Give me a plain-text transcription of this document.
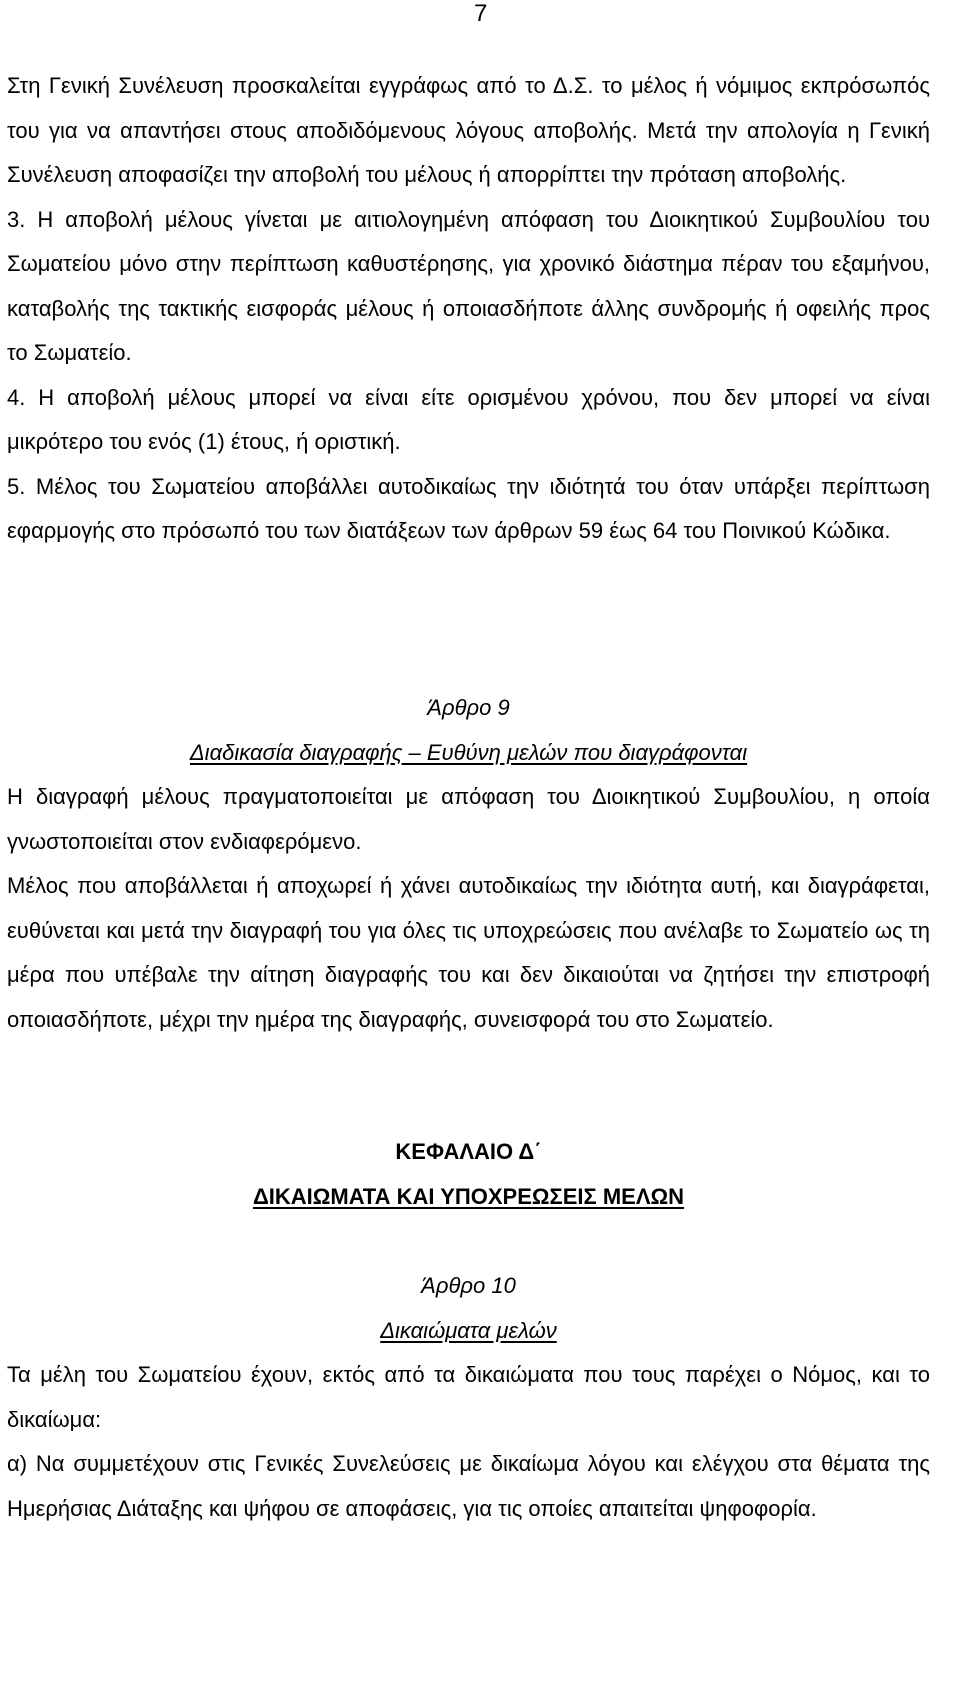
7

Στη Γενική Συνέλευση προσκαλείται εγγράφως από το Δ.Σ. το μέλος ή νόμιμος εκπρόσωπός του για να απαντήσει στους αποδιδόμενους λόγους αποβολής. Μετά την απολογία η Γενική Συνέλευση αποφασίζει την αποβολή του μέλους ή απορρίπτει την πρόταση αποβολής.

3. Η αποβολή μέλους γίνεται με αιτιολογημένη απόφαση του Διοικητικού Συμβουλίου του Σωματείου μόνο στην περίπτωση καθυστέρησης, για χρονικό διάστημα πέραν του εξαμήνου, καταβολής της τακτικής εισφοράς μέλους ή οποιασδήποτε άλλης συνδρομής ή οφειλής προς το Σωματείο.

4. Η αποβολή μέλους μπορεί να είναι είτε ορισμένου χρόνου, που δεν μπορεί να είναι μικρότερο του ενός (1) έτους, ή οριστική.

5. Μέλος του Σωματείου αποβάλλει αυτοδικαίως την ιδιότητά του όταν υπάρξει περίπτωση εφαρμογής στο πρόσωπό του των διατάξεων των άρθρων 59 έως 64 του Ποινικού Κώδικα.

Άρθρο 9

Διαδικασία διαγραφής – Ευθύνη μελών που διαγράφονται

Η διαγραφή μέλους πραγματοποιείται με απόφαση του Διοικητικού Συμβουλίου, η οποία γνωστοποιείται στον ενδιαφερόμενο.

Μέλος που αποβάλλεται ή αποχωρεί ή χάνει αυτοδικαίως την ιδιότητα αυτή, και διαγράφεται, ευθύνεται και μετά την διαγραφή του για όλες τις υποχρεώσεις που ανέλαβε το Σωματείο ως τη μέρα που υπέβαλε την αίτηση διαγραφής του και δεν δικαιούται να ζητήσει την επιστροφή οποιασδήποτε, μέχρι την ημέρα της διαγραφής, συνεισφορά του στο Σωματείο.

ΚΕΦΑΛΑΙΟ Δ΄

ΔΙΚΑΙΩΜΑΤΑ ΚΑΙ ΥΠΟΧΡΕΩΣΕΙΣ ΜΕΛΩΝ

Άρθρο 10

Δικαιώματα μελών

Τα μέλη του Σωματείου έχουν, εκτός από τα δικαιώματα που τους παρέχει ο Νόμος, και το δικαίωμα:

α) Να συμμετέχουν στις Γενικές Συνελεύσεις με δικαίωμα λόγου και ελέγχου στα θέματα της Ημερήσιας Διάταξης και ψήφου σε αποφάσεις, για τις οποίες απαιτείται ψηφοφορία.
